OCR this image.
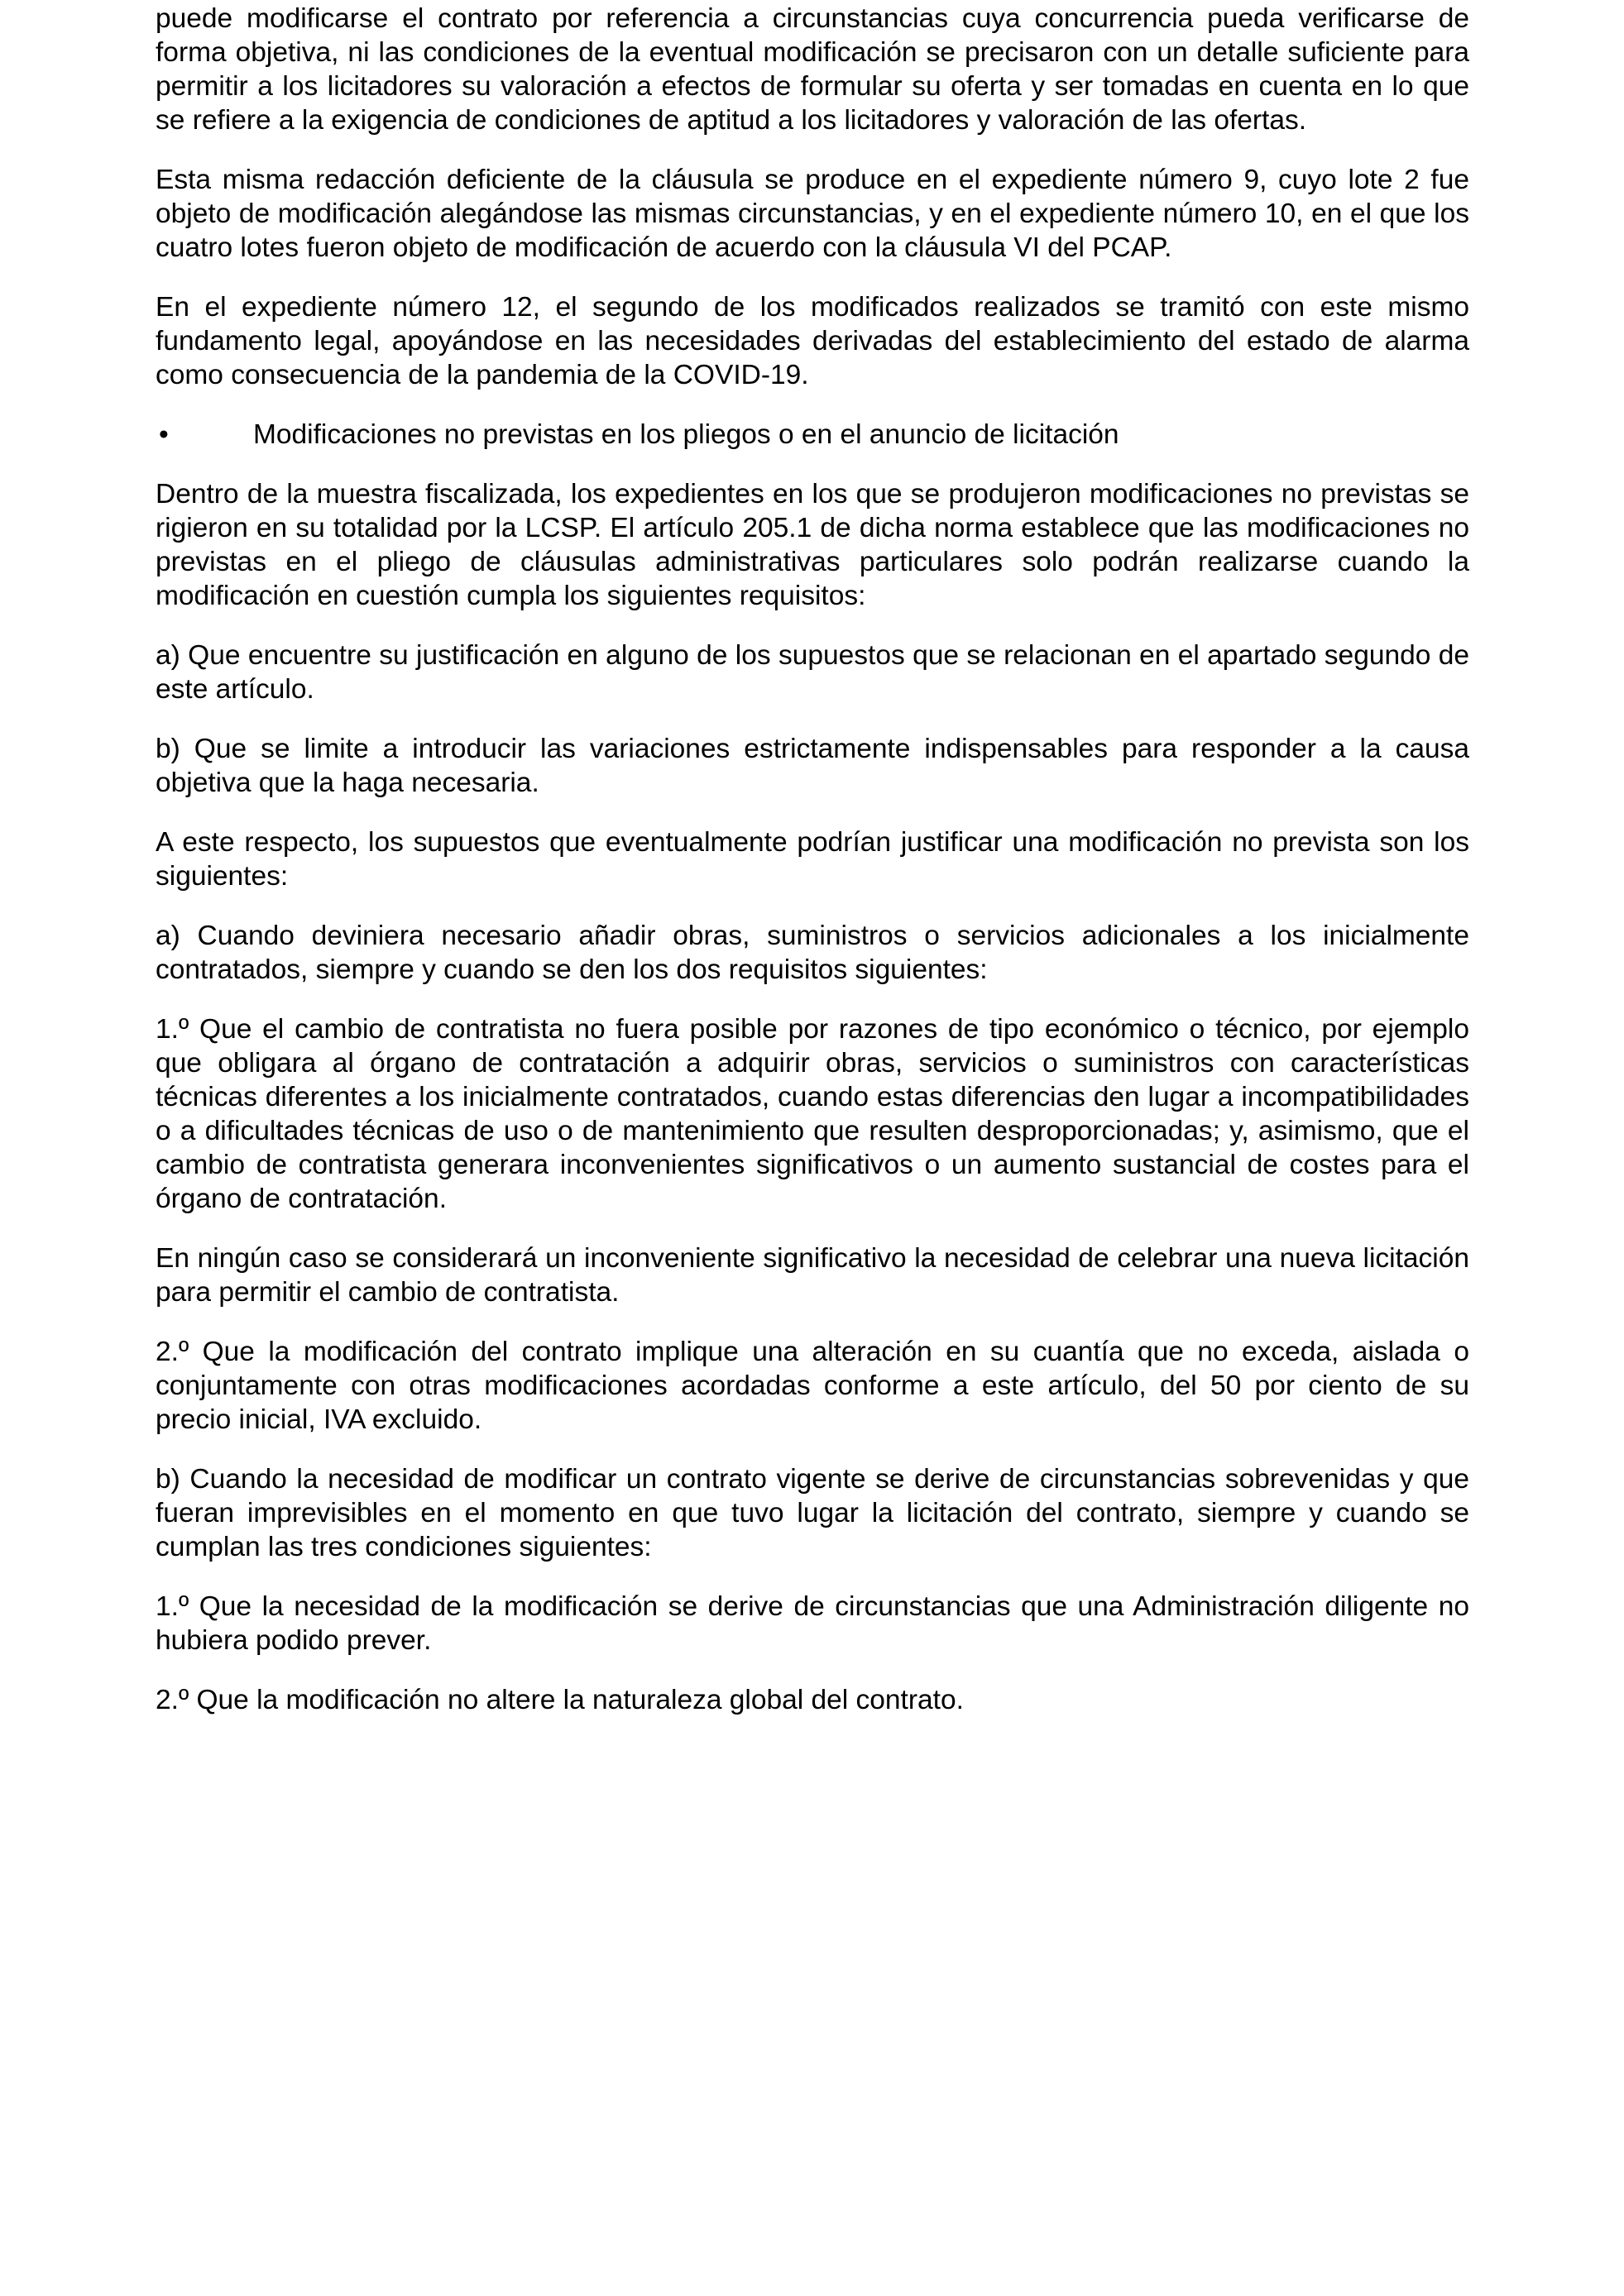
puede modificarse el contrato por referencia a circunstancias cuya concurrencia pueda verificarse de forma objetiva, ni las condiciones de la eventual modificación se precisaron con un detalle suficiente para permitir a los licitadores su valoración a efectos de formular su oferta y ser tomadas en cuenta en lo que se refiere a la exigencia de condiciones de aptitud a los licitadores y valoración de las ofertas.

Esta misma redacción deficiente de la cláusula se produce en el expediente número 9, cuyo lote 2 fue objeto de modificación alegándose las mismas circunstancias, y en el expediente número 10, en el que los cuatro lotes fueron objeto de modificación de acuerdo con la cláusula VI del PCAP.

En el expediente número 12, el segundo de los modificados realizados se tramitó con este mismo fundamento legal, apoyándose en las necesidades derivadas del establecimiento del estado de alarma como consecuencia de la pandemia de la COVID-19.

•	Modificaciones no previstas en los pliegos o en el anuncio de licitación

Dentro de la muestra fiscalizada, los expedientes en los que se produjeron modificaciones no previstas se rigieron en su totalidad por la LCSP. El artículo 205.1 de dicha norma establece que las modificaciones no previstas en el pliego de cláusulas administrativas particulares solo podrán realizarse cuando la modificación en cuestión cumpla los siguientes requisitos:

a) Que encuentre su justificación en alguno de los supuestos que se relacionan en el apartado segundo de este artículo.

b) Que se limite a introducir las variaciones estrictamente indispensables para responder a la causa objetiva que la haga necesaria.

A este respecto, los supuestos que eventualmente podrían justificar una modificación no prevista son los siguientes:

a) Cuando deviniera necesario añadir obras, suministros o servicios adicionales a los inicialmente contratados, siempre y cuando se den los dos requisitos siguientes:

1.º Que el cambio de contratista no fuera posible por razones de tipo económico o técnico, por ejemplo que obligara al órgano de contratación a adquirir obras, servicios o suministros con características técnicas diferentes a los inicialmente contratados, cuando estas diferencias den lugar a incompatibilidades o a dificultades técnicas de uso o de mantenimiento que resulten desproporcionadas; y, asimismo, que el cambio de contratista generara inconvenientes significativos o un aumento sustancial de costes para el órgano de contratación.

En ningún caso se considerará un inconveniente significativo la necesidad de celebrar una nueva licitación para permitir el cambio de contratista.

2.º Que la modificación del contrato implique una alteración en su cuantía que no exceda, aislada o conjuntamente con otras modificaciones acordadas conforme a este artículo, del 50 por ciento de su precio inicial, IVA excluido.

b) Cuando la necesidad de modificar un contrato vigente se derive de circunstancias sobrevenidas y que fueran imprevisibles en el momento en que tuvo lugar la licitación del contrato, siempre y cuando se cumplan las tres condiciones siguientes:

1.º Que la necesidad de la modificación se derive de circunstancias que una Administración diligente no hubiera podido prever.

2.º Que la modificación no altere la naturaleza global del contrato.
